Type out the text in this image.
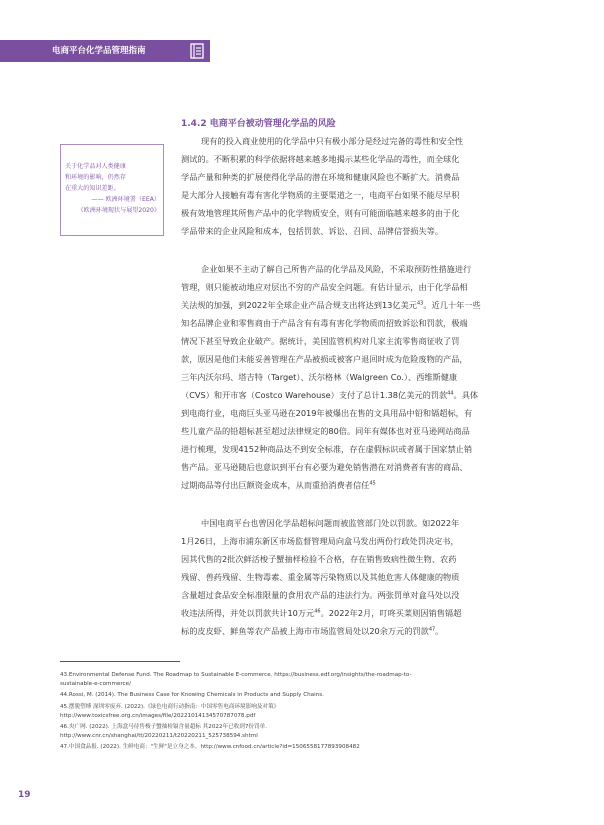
电商平台化学品管理指南
1.4.2 电商平台被动管理化学品的风险
关于化学品对人类健康
和环境的影响，仍然存
在重大的知识差距。
—— 欧洲环境署（EEA）
《欧洲环境现状与展望2020》
现有的投入商业使用的化学品中只有极小部分是经过完备的毒性和安全性
测试的。不断积累的科学依据将越来越多地揭示某些化学品的毒性，而全球化
学品产量和种类的扩展使得化学品的潜在环境和健康风险也不断扩大。消费品
是大部分人接触有毒有害化学物质的主要渠道之一，电商平台如果不能尽早积
极有效地管理其所售产品中的化学物质安全，则有可能面临越来越多的由于化
学品带来的企业风险和成本，包括罚款、诉讼、召回、品牌信誉损失等。
企业如果不主动了解自己所售产品的化学品及风险，不采取预防性措施进行
管理，则只能被动地应对层出不穷的产品安全问题。有估计显示，由于化学品相
关法规的加强，到2022年全球企业产品合规支出将达到13亿美元$^{43}$。近几十年一些
知名品牌企业和零售商由于产品含有有毒有害化学物质而招致诉讼和罚款，极端
情况下甚至导致企业破产。据统计，美国监管机构对几家主流零售商征收了罚
款，原因是他们未能妥善管理在产品被损或被客户退回时成为危险废物的产品，
三年内沃尔玛、塔吉特（Target）、沃尔格林（Walgreen Co.）、西维斯健康
（CVS）和开市客（Costco Warehouse）支付了总计1.38亿美元的罚款$^{44}$。具体
到电商行业，电商巨头亚马逊在2019年被爆出在售的文具用品中铅和镉超标，有
些儿童产品的铅超标甚至超过法律规定的80倍。同年有媒体也对亚马逊网站商品
进行梳理，发现4152种商品达不到安全标准，存在虚假标识或者属于国家禁止销
售产品。亚马逊随后也意识到平台有必要为避免销售潜在对消费者有害的商品、
过期商品等付出巨额资金成本，从而重拾消费者信任$^{45}$
中国电商平台也曾因化学品超标问题而被监管部门处以罚款。如2022年
1月26日，上海市浦东新区市场监督管理局向盒马发出两份行政处罚决定书，
因其代售的2批次鲜活梭子蟹抽样检验不合格，存在销售致病性微生物、农药
残留、兽药残留、生物毒素、重金属等污染物质以及其他危害人体健康的物质
含量超过食品安全标准限量的食用农产品的违法行为。两张罚单对盒马处以没
收违法所得，并处以罚款共计10万元$^{46}$。2022年2月，叮咚买菜则因销售镉超
标的皮皮虾、鲜鱼等农产品被上海市市场监管局处以20余万元的罚款$^{47}$。
43.Environmental Defense Fund. The Roadmap to Sustainable E-commerce. https://business.edf.org/insights/the-roadmap-to-
sustainable-e-commerce/
44.Rossi, M. (2014). The Business Case for Knowing Chemicals in Products and Supply Chains.
45.摆脱塑缚 深圳零废弃. (2022).《绿色电商行动指南：中国零售电商环境影响及对策》
http://www.toxicsfree.org.cn/images/file/20221014134570787078.pdf
46.央广网. (2022). 上海盒马待售梭子蟹抽检镉含量超标 其2022年已收到7份罚单.
http://www.cnr.cn/shanghai/tt/20220211/t20220211_525738594.shtml
47.中国食品报. (2022). 生鲜电商："生鲜"是立身之本。http://www.cnfood.cn/article?id=1506558177893908482
19
